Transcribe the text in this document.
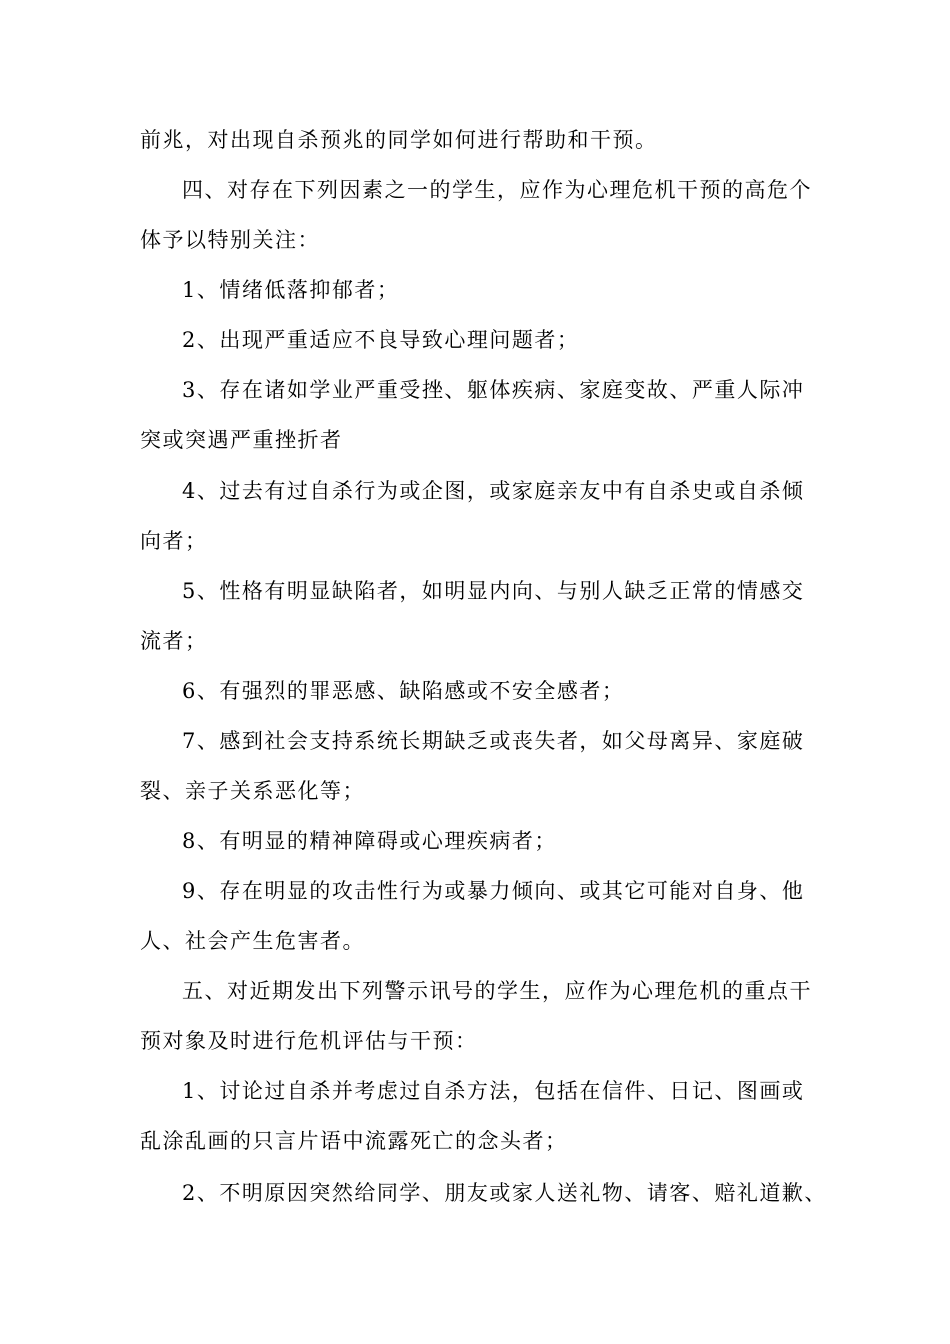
前兆，对出现自杀预兆的同学如何进行帮助和干预。
四、对存在下列因素之一的学生，应作为心理危机干预的高危个
体予以特别关注：
1、情绪低落抑郁者；
2、出现严重适应不良导致心理问题者；
3、存在诸如学业严重受挫、躯体疾病、家庭变故、严重人际冲
突或突遇严重挫折者
4、过去有过自杀行为或企图，或家庭亲友中有自杀史或自杀倾
向者；
5、性格有明显缺陷者，如明显内向、与别人缺乏正常的情感交
流者；
6、有强烈的罪恶感、缺陷感或不安全感者；
7、感到社会支持系统长期缺乏或丧失者，如父母离异、家庭破
裂、亲子关系恶化等；
8、有明显的精神障碍或心理疾病者；
9、存在明显的攻击性行为或暴力倾向、或其它可能对自身、他
人、社会产生危害者。
五、对近期发出下列警示讯号的学生，应作为心理危机的重点干
预对象及时进行危机评估与干预：
1、讨论过自杀并考虑过自杀方法，包括在信件、日记、图画或
乱涂乱画的只言片语中流露死亡的念头者；
2、不明原因突然给同学、朋友或家人送礼物、请客、赔礼道歉、
